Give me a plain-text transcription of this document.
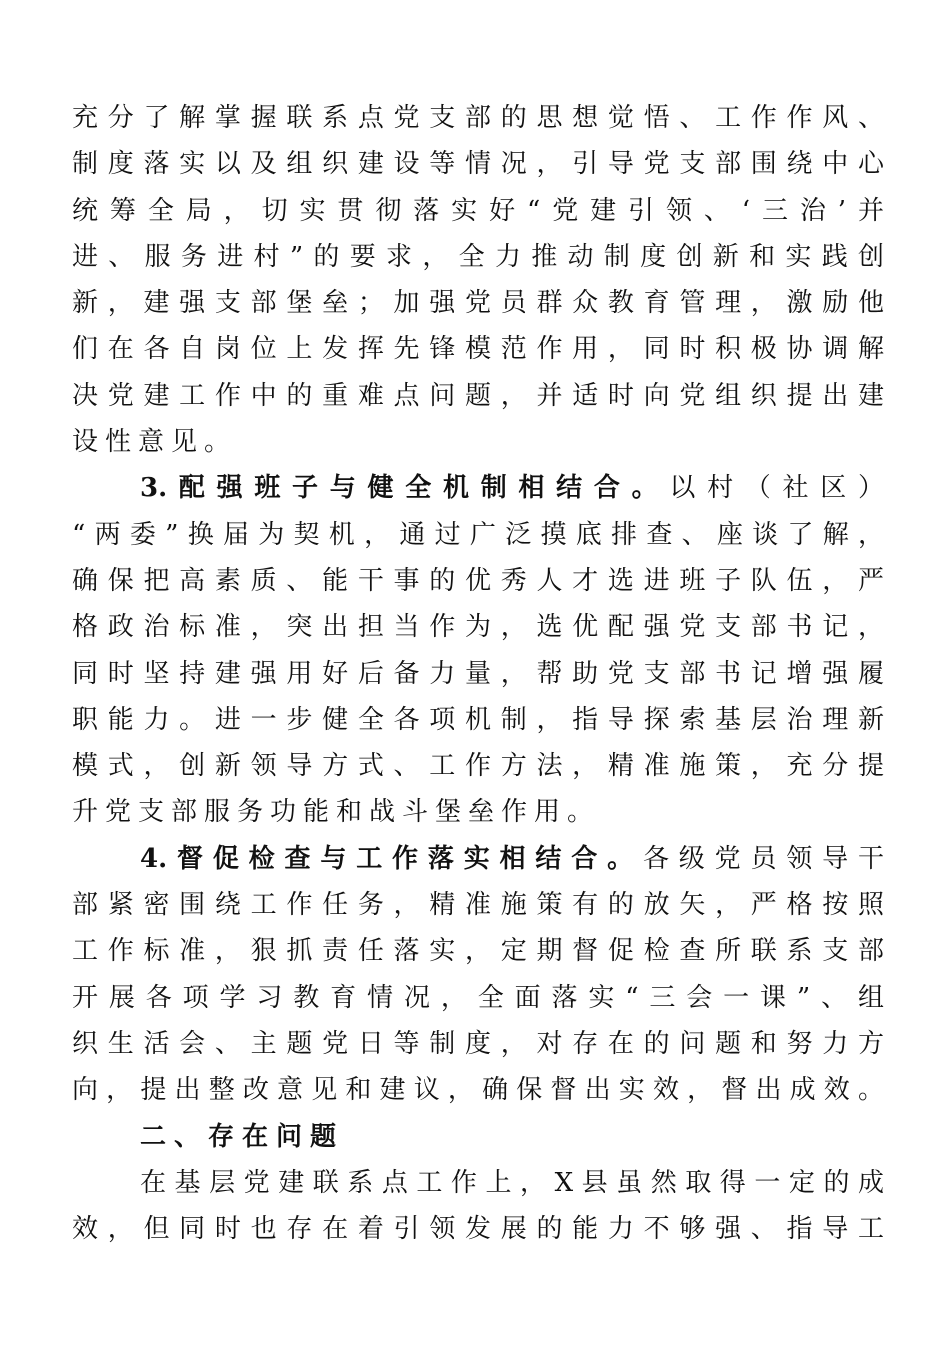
充分了解掌握联系点党支部的思想觉悟、工作作风、
制度落实以及组织建设等情况，引导党支部围绕中心
统筹全局，切实贯彻落实好“党建引领、‘三治’并
进、服务进村”的要求，全力推动制度创新和实践创
新，建强支部堡垒；加强党员群众教育管理，激励他
们在各自岗位上发挥先锋模范作用，同时积极协调解
决党建工作中的重难点问题，并适时向党组织提出建
设性意见。
3.配强班子与健全机制相结合。以村（社区）
“两委”换届为契机，通过广泛摸底排查、座谈了解，
确保把高素质、能干事的优秀人才选进班子队伍，严
格政治标准，突出担当作为，选优配强党支部书记，
同时坚持建强用好后备力量，帮助党支部书记增强履
职能力。进一步健全各项机制，指导探索基层治理新
模式，创新领导方式、工作方法，精准施策，充分提
升党支部服务功能和战斗堡垒作用。
4.督促检查与工作落实相结合。各级党员领导干
部紧密围绕工作任务，精准施策有的放矢，严格按照
工作标准，狠抓责任落实，定期督促检查所联系支部
开展各项学习教育情况，全面落实“三会一课”、组
织生活会、主题党日等制度，对存在的问题和努力方
向，提出整改意见和建议，确保督出实效，督出成效。
二、存在问题
在基层党建联系点工作上，X县虽然取得一定的成
效，但同时也存在着引领发展的能力不够强、指导工
